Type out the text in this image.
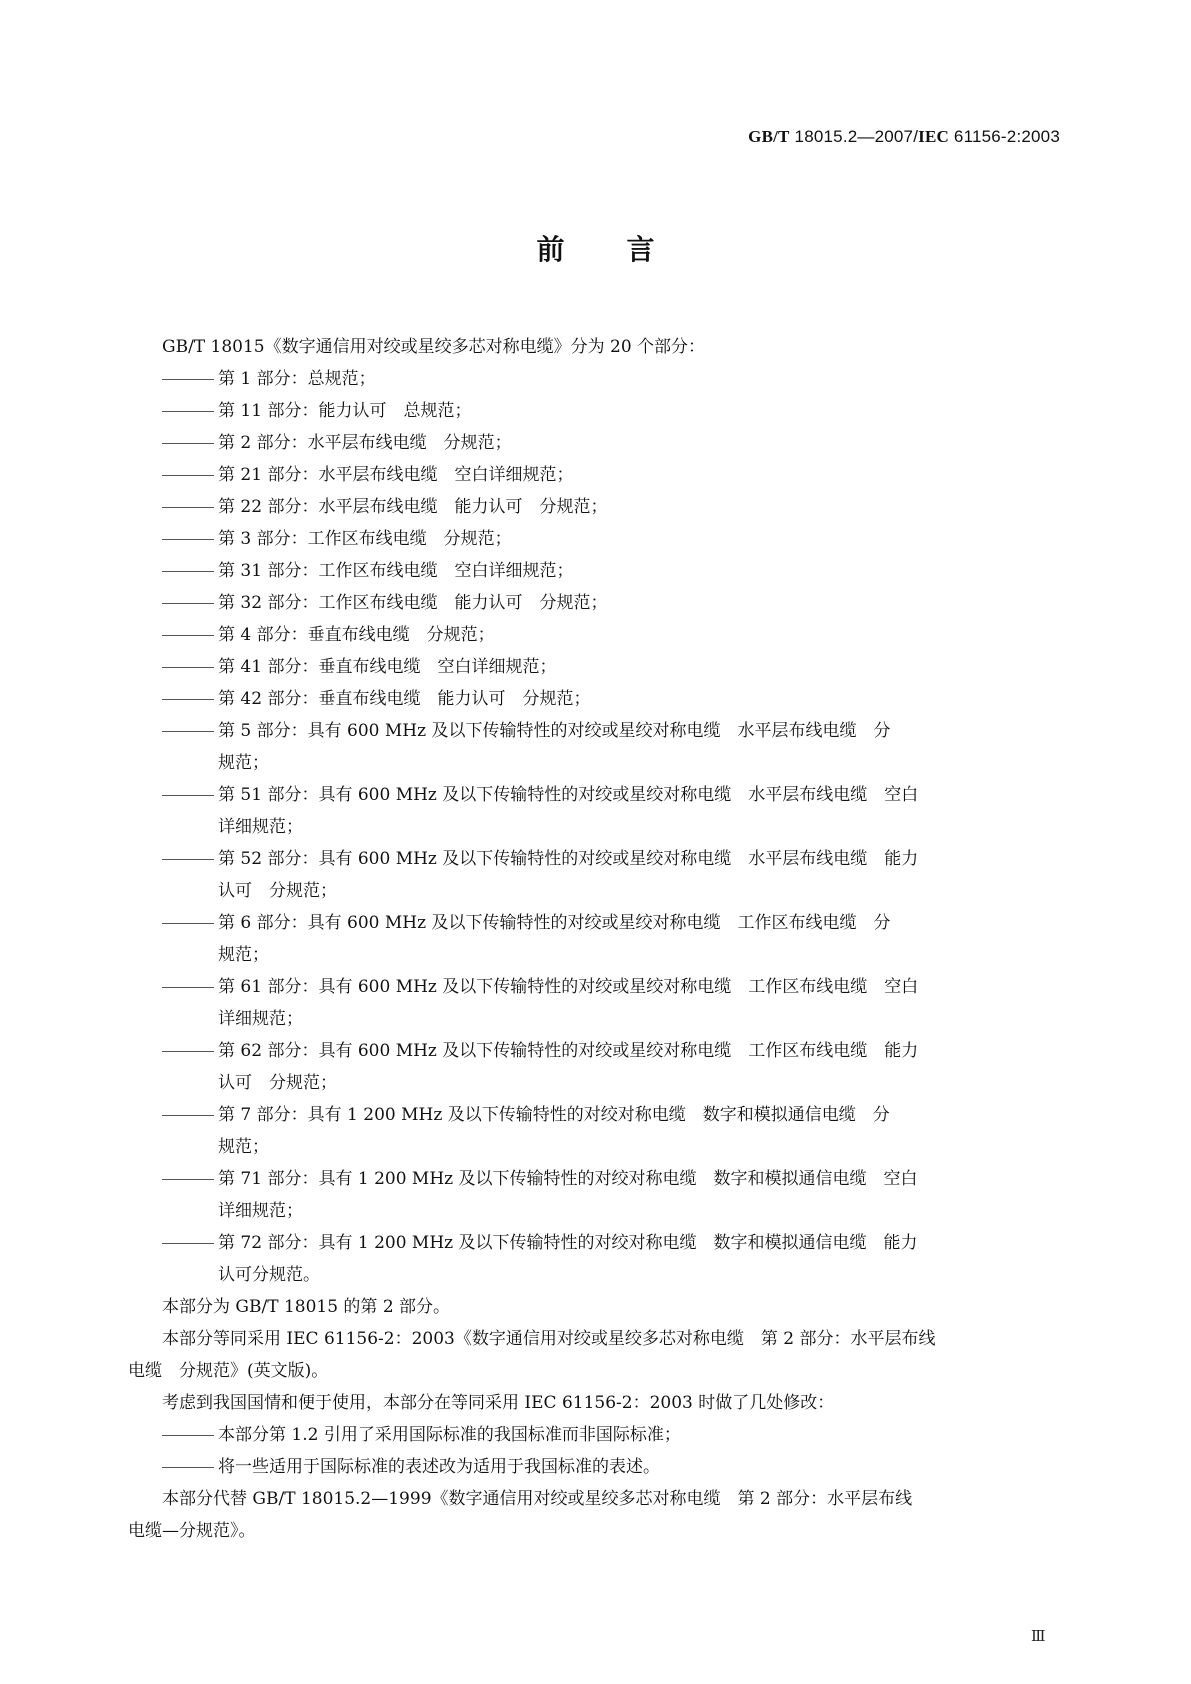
GB/T 18015.2—2007/IEC 61156-2:2003
前 言

GB/T 18015《数字通信用对绞或星绞多芯对称电缆》分为 20 个部分：

第 1 部分：总规范；

第 11 部分：能力认可　总规范；

第 2 部分：水平层布线电缆　分规范；

第 21 部分：水平层布线电缆　空白详细规范；

第 22 部分：水平层布线电缆　能力认可　分规范；

第 3 部分：工作区布线电缆　分规范；

第 31 部分：工作区布线电缆　空白详细规范；

第 32 部分：工作区布线电缆　能力认可　分规范；

第 4 部分：垂直布线电缆　分规范；

第 41 部分：垂直布线电缆　空白详细规范；

第 42 部分：垂直布线电缆　能力认可　分规范；

第 5 部分：具有 600 MHz 及以下传输特性的对绞或星绞对称电缆　水平层布线电缆　分
规范；

第 51 部分：具有 600 MHz 及以下传输特性的对绞或星绞对称电缆　水平层布线电缆　空白
详细规范；

第 52 部分：具有 600 MHz 及以下传输特性的对绞或星绞对称电缆　水平层布线电缆　能力
认可　分规范；

第 6 部分：具有 600 MHz 及以下传输特性的对绞或星绞对称电缆　工作区布线电缆　分
规范；

第 61 部分：具有 600 MHz 及以下传输特性的对绞或星绞对称电缆　工作区布线电缆　空白
详细规范；

第 62 部分：具有 600 MHz 及以下传输特性的对绞或星绞对称电缆　工作区布线电缆　能力
认可　分规范；

第 7 部分：具有 1 200 MHz 及以下传输特性的对绞对称电缆　数字和模拟通信电缆　分
规范；

第 71 部分：具有 1 200 MHz 及以下传输特性的对绞对称电缆　数字和模拟通信电缆　空白
详细规范；

第 72 部分：具有 1 200 MHz 及以下传输特性的对绞对称电缆　数字和模拟通信电缆　能力
认可分规范。

本部分为 GB/T 18015 的第 2 部分。

本部分等同采用 IEC 61156-2：2003《数字通信用对绞或星绞多芯对称电缆　第 2 部分：水平层布线

电缆　分规范》(英文版)。

考虑到我国国情和便于使用，本部分在等同采用 IEC 61156-2：2003 时做了几处修改：

本部分第 1.2 引用了采用国际标准的我国标准而非国际标准；

将一些适用于国际标准的表述改为适用于我国标准的表述。

本部分代替 GB/T 18015.2—1999《数字通信用对绞或星绞多芯对称电缆　第 2 部分：水平层布线

电缆—分规范》。

Ⅲ
